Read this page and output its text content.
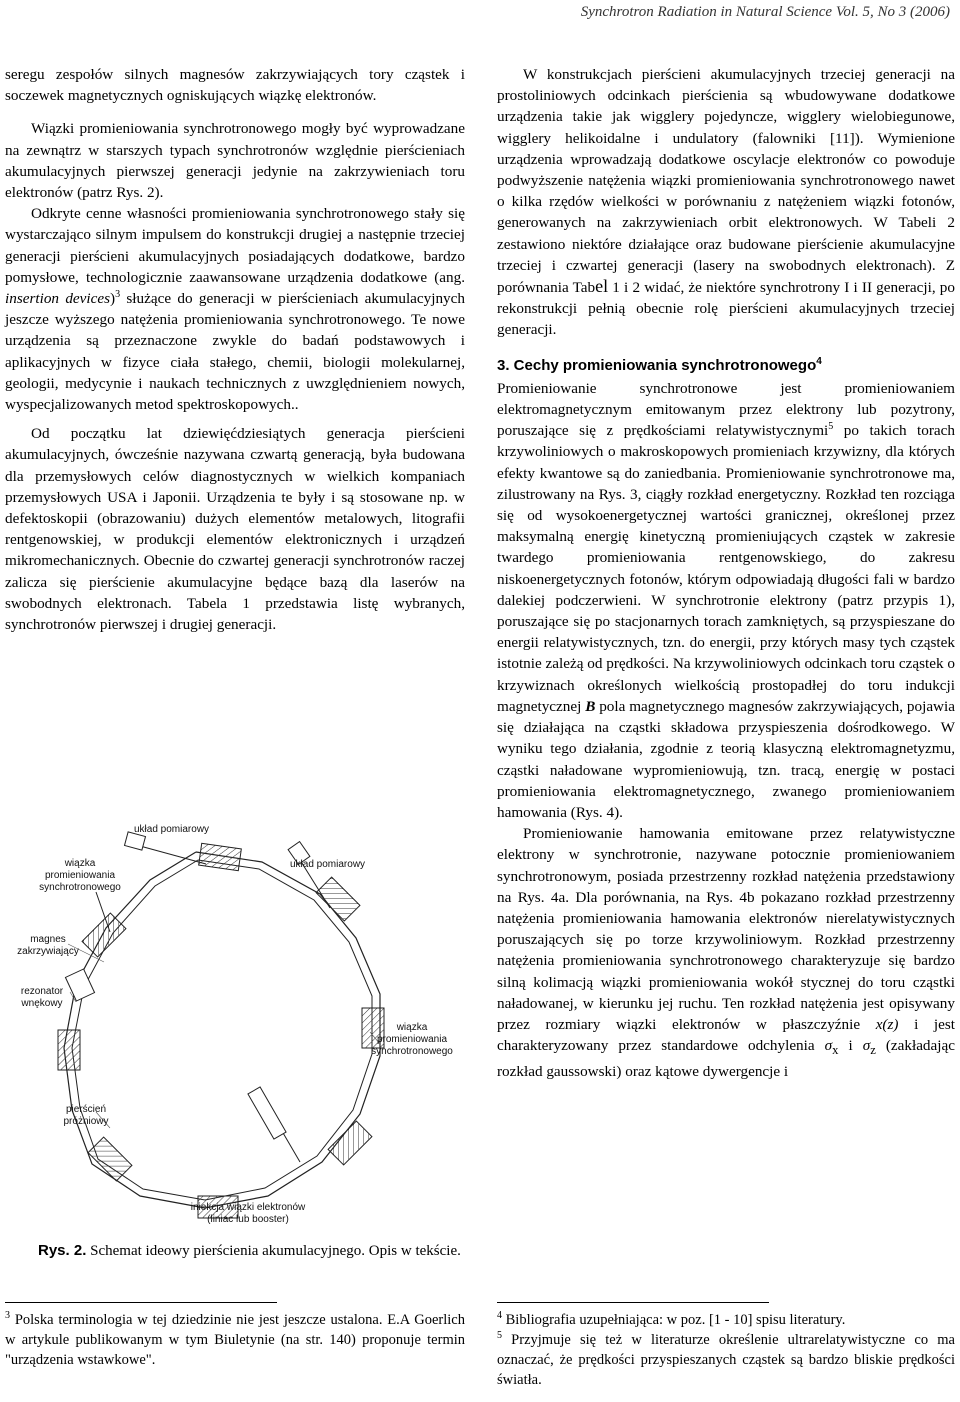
Synchrotron Radiation in Natural Science Vol. 5, No 3 (2006)

seregu zespołów silnych magnesów zakrzywiających tory cząstek i soczewek magnetycznych ogniskujących wiązkę elektronów.

Wiązki promieniowania synchrotronowego mogły być wyprowadzane na zewnątrz w starszych typach synchrotronów względnie pierścieniach akumulacyjnych pierwszej generacji jedynie na zakrzywieniach toru elektronów (patrz Rys. 2).

Odkryte cenne własności promieniowania synchrotronowego stały się wystarczająco silnym impulsem do konstrukcji drugiej a następnie trzeciej generacji pierścieni akumulacyjnych posiadających dodatkowe, bardzo pomysłowe, technologicznie zaawansowane urządzenia dodatkowe (ang. insertion devices)$^3$ służące do generacji w pierścieniach akumulacyjnych jeszcze wyższego natężenia promieniowania synchrotronowego. Te nowe urządzenia są przeznaczone zwykle do badań podstawowych i aplikacyjnych w fizyce ciała stałego, chemii, biologii molekularnej, geologii, medycynie i naukach technicznych z uwzględnieniem nowych, wyspecjalizowanych metod spektroskopowych..

Od początku lat dziewięćdziesiątych generacja pierścieni akumulacyjnych, ówcześnie nazywana czwartą generacją, była budowana dla przemysłowych celów diagnostycznych w wielkich kompaniach przemysłowych USA i Japonii. Urządzenia te były i są stosowane np. w defektoskopii (obrazowaniu) dużych elementów metalowych, litografii rentgenowskiej, w produkcji elementów elektronicznych i urządzeń mikromechanicznych. Obecnie do czwartej generacji synchrotronów raczej zalicza się pierścienie akumulacyjne będące bazą dla laserów na swobodnych elektronach. Tabela 1 przedstawia listę wybranych, synchrotronów pierwszej i drugiej generacji.

układ pomiarowy
układ pomiarowy
wiązka promieniowania synchrotronowego
magnes zakrzywiający
rezonator wnękowy
wiązka promieniowania synchrotronowego
pierścień próżniowy
iniekcja wiązki elektronów (liniac lub booster)
Rys. 2. Schemat ideowy pierścienia akumulacyjnego. Opis w tekście.

W konstrukcjach pierścieni akumulacyjnych trzeciej generacji na prostoliniowych odcinkach pierścienia są wbudowywane dodatkowe urządzenia takie jak wigglery pojedyncze, wigglery wielobiegunowe, wigglery helikoidalne i undulatory (falowniki [11]). Wymienione urządzenia wprowadzają dodatkowe oscylacje elektronów co powoduje podwyższenie natężenia wiązki promieniowania synchrotronowego nawet o kilka rzędów wielkości w porównaniu z natężeniem wiązki fotonów, generowanych na zakrzywieniach orbit elektronowych. W Tabeli 2 zestawiono niektóre działające oraz budowane pierścienie akumulacyjne trzeciej i czwartej generacji (lasery na swobodnych elektronach). Z porównania Tabel 1 i 2 widać, że niektóre synchrotrony I i II generacji, po rekonstrukcji pełnią obecnie rolę pierścieni akumulacyjnych trzeciej generacji.

3. Cechy promieniowania synchrotronowego$^4$

Promieniowanie synchrotronowe jest promieniowaniem elektromagnetycznym emitowanym przez elektrony lub pozytrony, poruszające się z prędkościami relatywistycznymi$^5$ po takich torach krzywoliniowych o makroskopowych promieniach krzywizny, dla których efekty kwantowe są do zaniedbania. Promieniowanie synchrotronowe ma, zilustrowany na Rys. 3, ciągły rozkład energetyczny. Rozkład ten rozciąga się od wysokoenergetycznej wartości granicznej, określonej przez maksymalną energię kinetyczną promieniujących cząstek w zakresie twardego promieniowania rentgenowskiego, do zakresu niskoenergetycznych fotonów, którym odpowiadają długości fali w bardzo dalekiej podczerwieni. W synchrotronie elektrony (patrz przypis 1), poruszające się po stacjonarnych torach zamkniętych, są przyspieszane do energii relatywistycznych, tzn. do energii, przy których masy tych cząstek istotnie zależą od prędkości. Na krzywoliniowych odcinkach toru cząstek o krzywiznach określonych wielkością prostopadłej do toru indukcji magnetycznej B pola magnetycznego magnesów zakrzywiających, pojawia się działająca na cząstki składowa przyspieszenia dośrodkowego. W wyniku tego działania, zgodnie z teorią klasyczną elektromagnetyzmu, cząstki naładowane wypromieniowują, tzn. tracą, energię w postaci promieniowania elektromagnetycznego, zwanego promieniowaniem hamowania (Rys. 4).

Promieniowanie hamowania emitowane przez relatywistyczne elektrony w synchrotronie, nazywane potocznie promieniowaniem synchrotronowym, posiada przestrzenny rozkład natężenia przedstawiony na Rys. 4a. Dla porównania, na Rys. 4b pokazano rozkład przestrzenny natężenia promieniowania hamowania elektronów nierelatywistycznych poruszających się po torze krzywoliniowym. Rozkład przestrzenny natężenia promieniowania synchrotronowego charakteryzuje się bardzo silną kolimacją wiązki promieniowania wokół stycznej do toru cząstki naładowanej, w kierunku jej ruchu. Ten rozkład natężenia jest opisywany przez rozmiary wiązki elektronów w płaszczyźnie x(z) i jest charakteryzowany przez standardowe odchylenia $\sigma_x$ i $\sigma_z$ (zakładając rozkład gaussowski) oraz kątowe dywergencje i

$^3$ Polska terminologia w tej dziedzinie nie jest jeszcze ustalona. E.A Goerlich w artykule publikowanym w tym Biuletynie (na str. 140) proponuje termin "urządzenia wstawkowe".
$^4$ Bibliografia uzupełniająca: w poz. [1 - 10] spisu literatury.
$^5$ Przyjmuje się też w literaturze określenie ultrarelatywistyczne co ma oznaczać, że prędkości przyspieszanych cząstek są bardzo bliskie prędkości światła.
